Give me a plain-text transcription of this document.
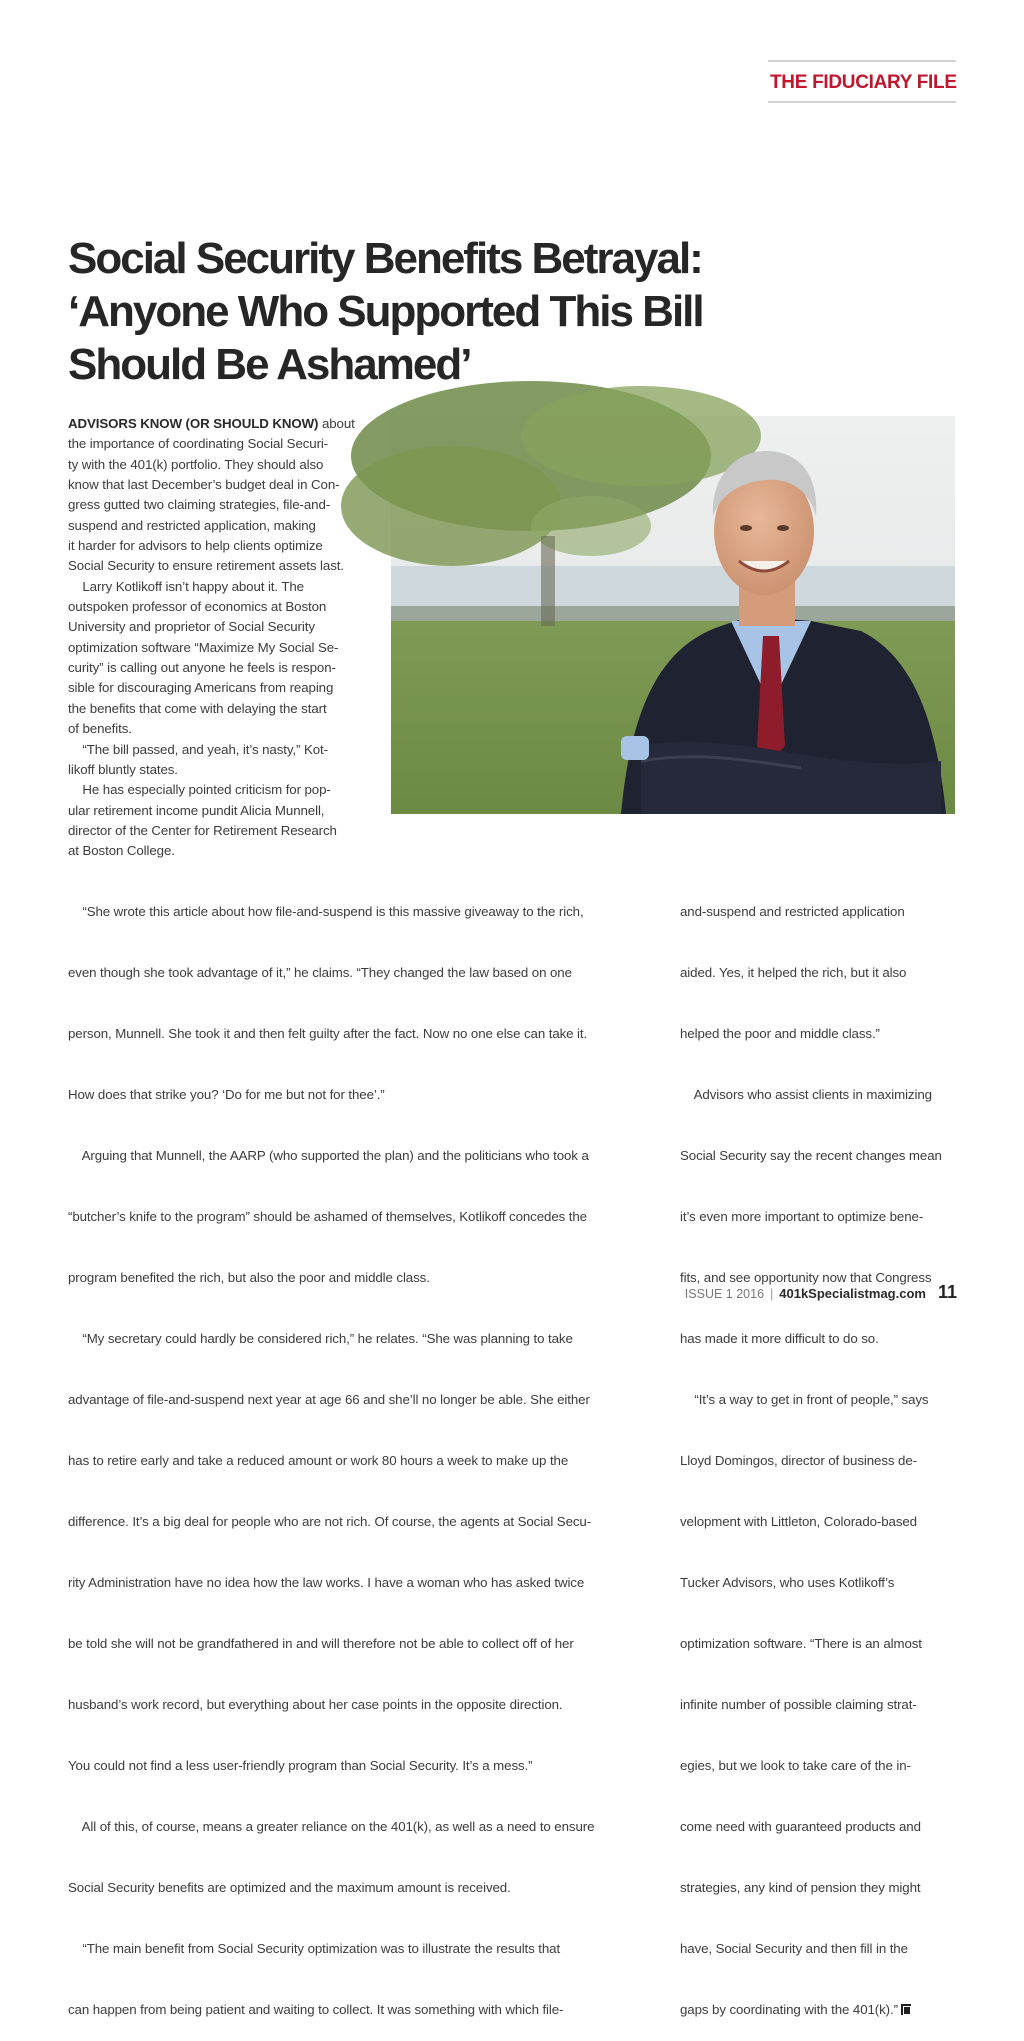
THE FIDUCIARY FILE
Social Security Benefits Betrayal:
‘Anyone Who Supported This Bill
Should Be Ashamed’
ADVISORS KNOW (OR SHOULD KNOW) about
the importance of coordinating Social Securi-
ty with the 401(k) portfolio. They should also
know that last December’s budget deal in Con-
gress gutted two claiming strategies, file-and-
suspend and restricted application, making
it harder for advisors to help clients optimize
Social Security to ensure retirement assets last.
Larry Kotlikoff isn’t happy about it. The
outspoken professor of economics at Boston
University and proprietor of Social Security
optimization software “Maximize My Social Se-
curity” is calling out anyone he feels is respon-
sible for discouraging Americans from reaping
the benefits that come with delaying the start
of benefits.
“The bill passed, and yeah, it’s nasty,” Kot-
likoff bluntly states.
He has especially pointed criticism for pop-
ular retirement income pundit Alicia Munnell,
director of the Center for Retirement Research
at Boston College.

“She wrote this article about how file-and-suspend is this massive giveaway to the rich,

even though she took advantage of it,” he claims. “They changed the law based on one

person, Munnell. She took it and then felt guilty after the fact. Now no one else can take it.

How does that strike you? ‘Do for me but not for thee’.”

Arguing that Munnell, the AARP (who supported the plan) and the politicians who took a

“butcher’s knife to the program” should be ashamed of themselves, Kotlikoff concedes the

program benefited the rich, but also the poor and middle class.

“My secretary could hardly be considered rich,” he relates. “She was planning to take

advantage of file-and-suspend next year at age 66 and she’ll no longer be able. She either

has to retire early and take a reduced amount or work 80 hours a week to make up the

difference. It’s a big deal for people who are not rich. Of course, the agents at Social Secu-

rity Administration have no idea how the law works. I have a woman who has asked twice

be told she will not be grandfathered in and will therefore not be able to collect off of her

husband’s work record, but everything about her case points in the opposite direction.

You could not find a less user-friendly program than Social Security. It’s a mess.”

All of this, of course, means a greater reliance on the 401(k), as well as a need to ensure

Social Security benefits are optimized and the maximum amount is received.

“The main benefit from Social Security optimization was to illustrate the results that

can happen from being patient and waiting to collect. It was something with which file-

and-suspend and restricted application

aided. Yes, it helped the rich, but it also

helped the poor and middle class.”

Advisors who assist clients in maximizing

Social Security say the recent changes mean

it’s even more important to optimize bene-

fits, and see opportunity now that Congress

has made it more difficult to do so.

“It’s a way to get in front of people,” says

Lloyd Domingos, director of business de-

velopment with Littleton, Colorado-based

Tucker Advisors, who uses Kotlikoff’s

optimization software. “There is an almost

infinite number of possible claiming strat-

egies, but we look to take care of the in-

come need with guaranteed products and

strategies, any kind of pension they might

have, Social Security and then fill in the

gaps by coordinating with the 401(k).”

ISSUE 1 2016 | 401kSpecialistmag.com 11
